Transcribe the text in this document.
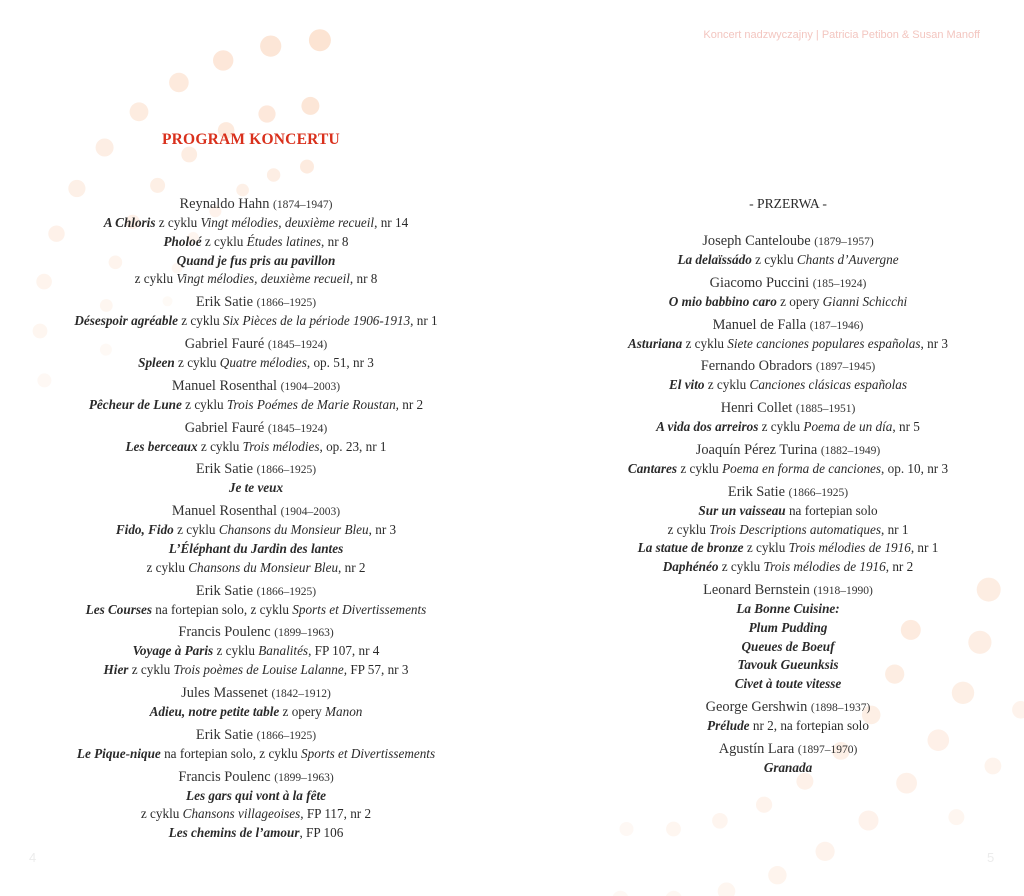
Koncert nadzwyczajny | Patricia Petibon & Susan Manoff
PROGRAM KONCERTU
Reynaldo Hahn (1874–1947)
A Chloris z cyklu Vingt mélodies, deuxième recueil, nr 14
Pholoé z cyklu Études latines, nr 8
Quand je fus pris au pavillon
z cyklu Vingt mélodies, deuxième recueil, nr 8
Erik Satie (1866–1925)
Désespoir agréable z cyklu Six Pièces de la période 1906-1913, nr 1
Gabriel Fauré (1845–1924)
Spleen z cyklu Quatre mélodies, op. 51, nr 3
Manuel Rosenthal (1904–2003)
Pêcheur de Lune z cyklu Trois Poémes de Marie Roustan, nr 2
Gabriel Fauré (1845–1924)
Les berceaux z cyklu Trois mélodies, op. 23, nr 1
Erik Satie (1866–1925)
Je te veux
Manuel Rosenthal (1904–2003)
Fido, Fido z cyklu Chansons du Monsieur Bleu, nr 3
L’Éléphant du Jardin des lantes
z cyklu Chansons du Monsieur Bleu, nr 2
Erik Satie (1866–1925)
Les Courses na fortepian solo, z cyklu Sports et Divertissements
Francis Poulenc (1899–1963)
Voyage à Paris z cyklu Banalités, FP 107, nr 4
Hier z cyklu Trois poèmes de Louise Lalanne, FP 57, nr 3
Jules Massenet (1842–1912)
Adieu, notre petite table z opery Manon
Erik Satie (1866–1925)
Le Pique-nique na fortepian solo, z cyklu Sports et Divertissements
Francis Poulenc (1899–1963)
Les gars qui vont à la fête
z cyklu Chansons villageoises, FP 117, nr 2
Les chemins de l’amour, FP 106
- PRZERWA -
Joseph Canteloube (1879–1957)
La delaïssádo z cyklu Chants d’Auvergne
Giacomo Puccini (185–1924)
O mio babbino caro z opery Gianni Schicchi
Manuel de Falla (187–1946)
Asturiana z cyklu Siete canciones populares españolas, nr 3
Fernando Obradors (1897–1945)
El vito z cyklu Canciones clásicas españolas
Henri Collet (1885–1951)
A vida dos arreiros z cyklu Poema de un día, nr 5
Joaquín Pérez Turina (1882–1949)
Cantares z cyklu Poema en forma de canciones, op. 10, nr 3
Erik Satie (1866–1925)
Sur un vaisseau na fortepian solo
z cyklu Trois Descriptions automatiques, nr 1
La statue de bronze z cyklu Trois mélodies de 1916, nr 1
Daphénéo z cyklu Trois mélodies de 1916, nr 2
Leonard Bernstein (1918–1990)
La Bonne Cuisine:
Plum Pudding
Queues de Boeuf
Tavouk Gueunksis
Civet à toute vitesse
George Gershwin (1898–1937)
Prélude nr 2, na fortepian solo
Agustín Lara (1897–1970)
Granada
4	5
